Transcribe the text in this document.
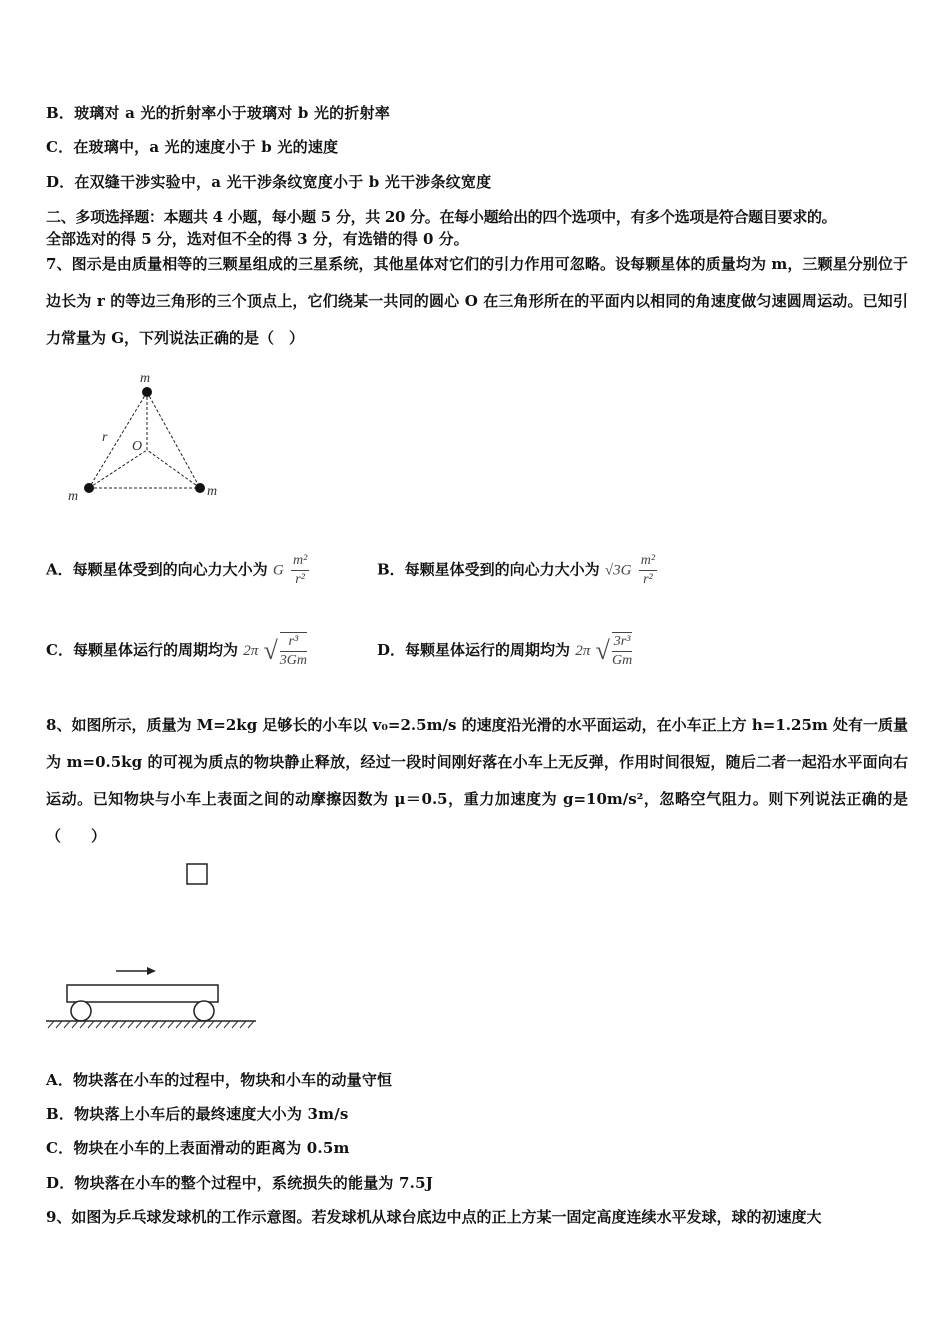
B．玻璃对 a 光的折射率小于玻璃对 b 光的折射率
C．在玻璃中，a 光的速度小于 b 光的速度
D．在双缝干涉实验中，a 光干涉条纹宽度小于 b 光干涉条纹宽度
二、多项选择题：本题共 4 小题，每小题 5 分，共 20 分。在每小题给出的四个选项中，有多个选项是符合题目要求的。
全部选对的得 5 分，选对但不全的得 3 分，有选错的得 0 分。
7、图示是由质量相等的三颗星组成的三星系统，其他星体对它们的引力作用可忽略。设每颗星体的质量均为 m，三颗星分别位于边长为 r 的等边三角形的三个顶点上，它们绕某一共同的圆心 O 在三角形所在的平面内以相同的角速度做匀速圆周运动。已知引力常量为 G，下列说法正确的是（　）
m
m	m
r
O
A．每颗星体受到的向心力大小为 G $\frac{\text{m²}}{\text{r²}}$	B．每颗星体受到的向心力大小为 $√3G \frac{\text{m²}}{\text{r²}}$
C．每颗星体运行的周期均为 2π √ $\frac{\text{r³}}{3Gm}$	D．每颗星体运行的周期均为 2π √ $\frac{\text{3r³}}{Gm}$
8、如图所示，质量为 M=2kg 足够长的小车以 v₀=2.5m/s 的速度沿光滑的水平面运动，在小车正上方 h=1.25m 处有一质量为 m=0.5kg 的可视为质点的物块静止释放，经过一段时间刚好落在小车上无反弹，作用时间很短，随后二者一起沿水平面向右运动。已知物块与小车上表面之间的动摩擦因数为 μ＝0.5，重力加速度为 g=10m/s²，忽略空气阻力。则下列说法正确的是（　　）
A．物块落在小车的过程中，物块和小车的动量守恒
B．物块落上小车后的最终速度大小为 3m/s
C．物块在小车的上表面滑动的距离为 0.5m
D．物块落在小车的整个过程中，系统损失的能量为 7.5J
9、如图为乒乓球发球机的工作示意图。若发球机从球台底边中点的正上方某一固定高度连续水平发球，球的初速度大
